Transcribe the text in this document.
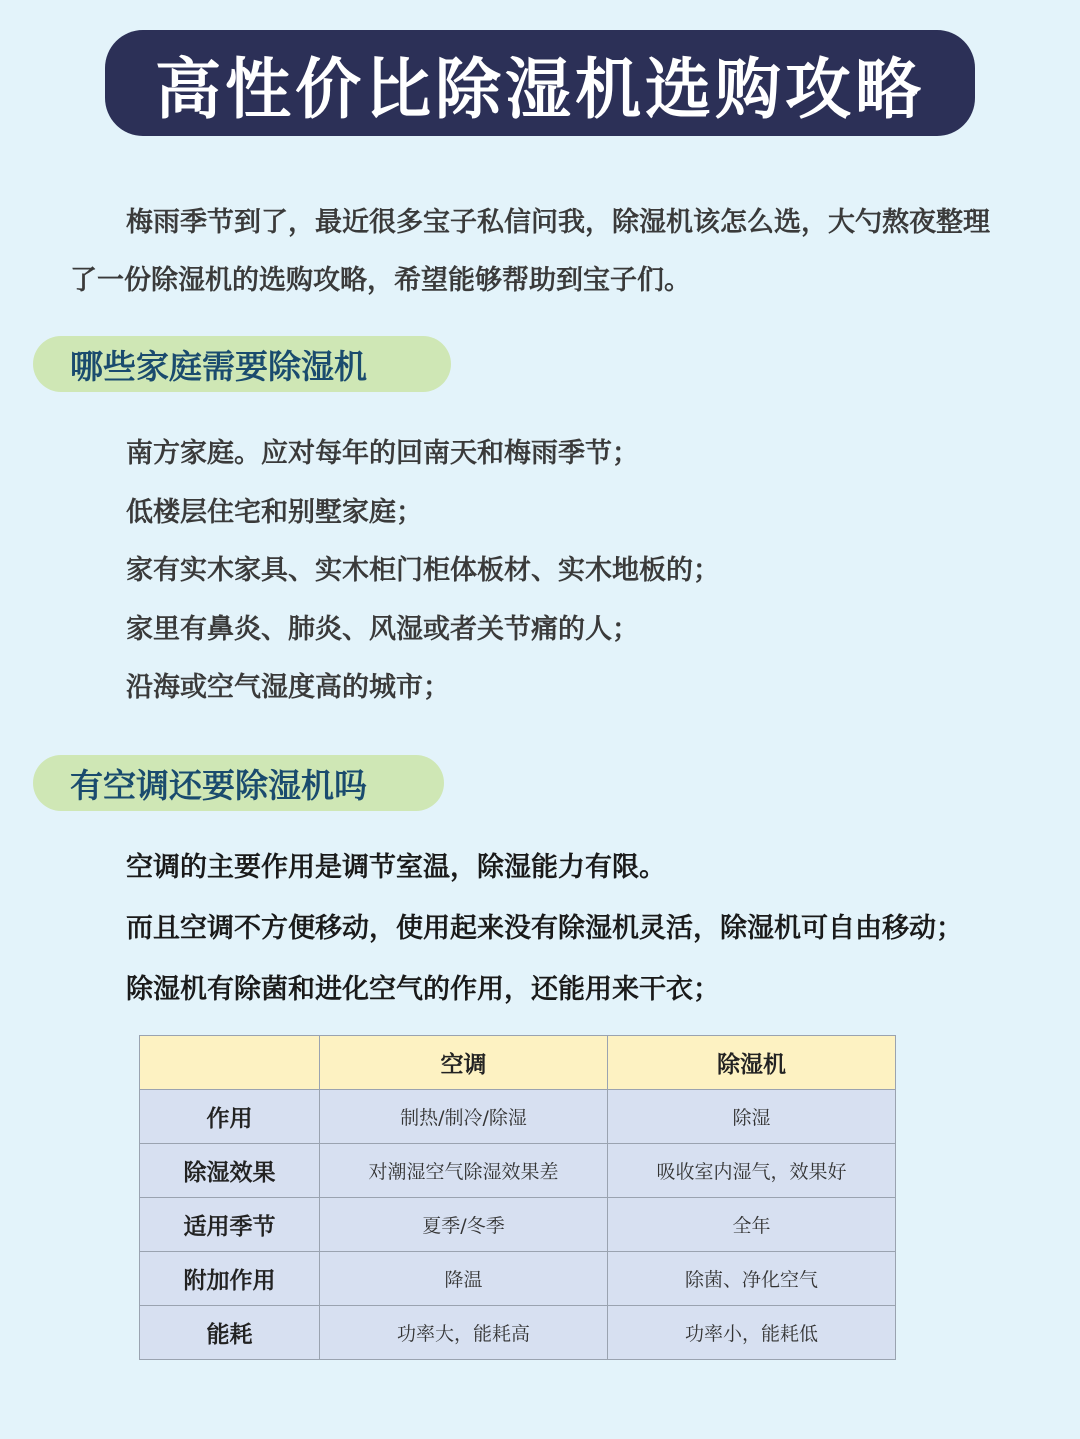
高性价比除湿机选购攻略

梅雨季节到了，最近很多宝子私信问我，除湿机该怎么选，大勺熬夜整理了一份除湿机的选购攻略，希望能够帮助到宝子们。

哪些家庭需要除湿机
南方家庭。应对每年的回南天和梅雨季节；
低楼层住宅和别墅家庭；
家有实木家具、实木柜门柜体板材、实木地板的；
家里有鼻炎、肺炎、风湿或者关节痛的人；
沿海或空气湿度高的城市；
有空调还要除湿机吗
空调的主要作用是调节室温，除湿能力有限。
而且空调不方便移动，使用起来没有除湿机灵活，除湿机可自由移动；
除湿机有除菌和进化空气的作用，还能用来干衣；
	空调	除湿机
作用	制热/制冷/除湿	除湿
除湿效果	对潮湿空气除湿效果差	吸收室内湿气，效果好
适用季节	夏季/冬季	全年
附加作用	降温	除菌、净化空气
能耗	功率大，能耗高	功率小，能耗低
